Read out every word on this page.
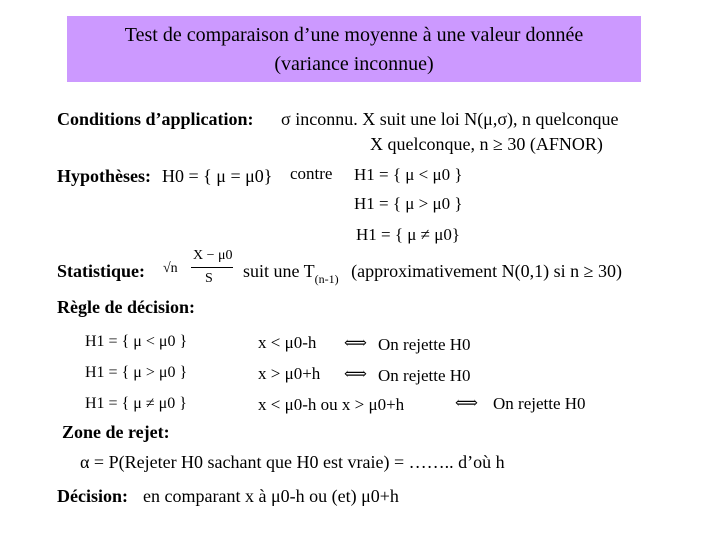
Test de comparaison d’une moyenne à une valeur donnée
(variance inconnue)
Conditions d’application: σ inconnu. X suit une loi N(μ,σ), n quelconque
X quelconque, n ≥ 30 (AFNOR)
Hypothèses: H0 = { μ = μ0} contre H1 = { μ < μ0 }
H1 = { μ > μ0 }
H1 = { μ ≠ μ0}
Statistique: √n
X − μ0
S suit une $T_{(n-1)}$ (approximativement N(0,1) si n ≥ 30)
Règle de décision:
H1 = { μ < μ0 }	x < μ0-h ⟺ On rejette H0
H1 = { μ > μ0 }	x > μ0+h ⟺ On rejette H0
H1 = { μ ≠ μ0 }	x < μ0-h ou x > μ0+h	⟺ On rejette H0
Zone de rejet:
α = P(Rejeter H0 sachant que H0 est vraie) = …….. d’où h
Décision: en comparant x à μ0-h ou (et) μ0+h
